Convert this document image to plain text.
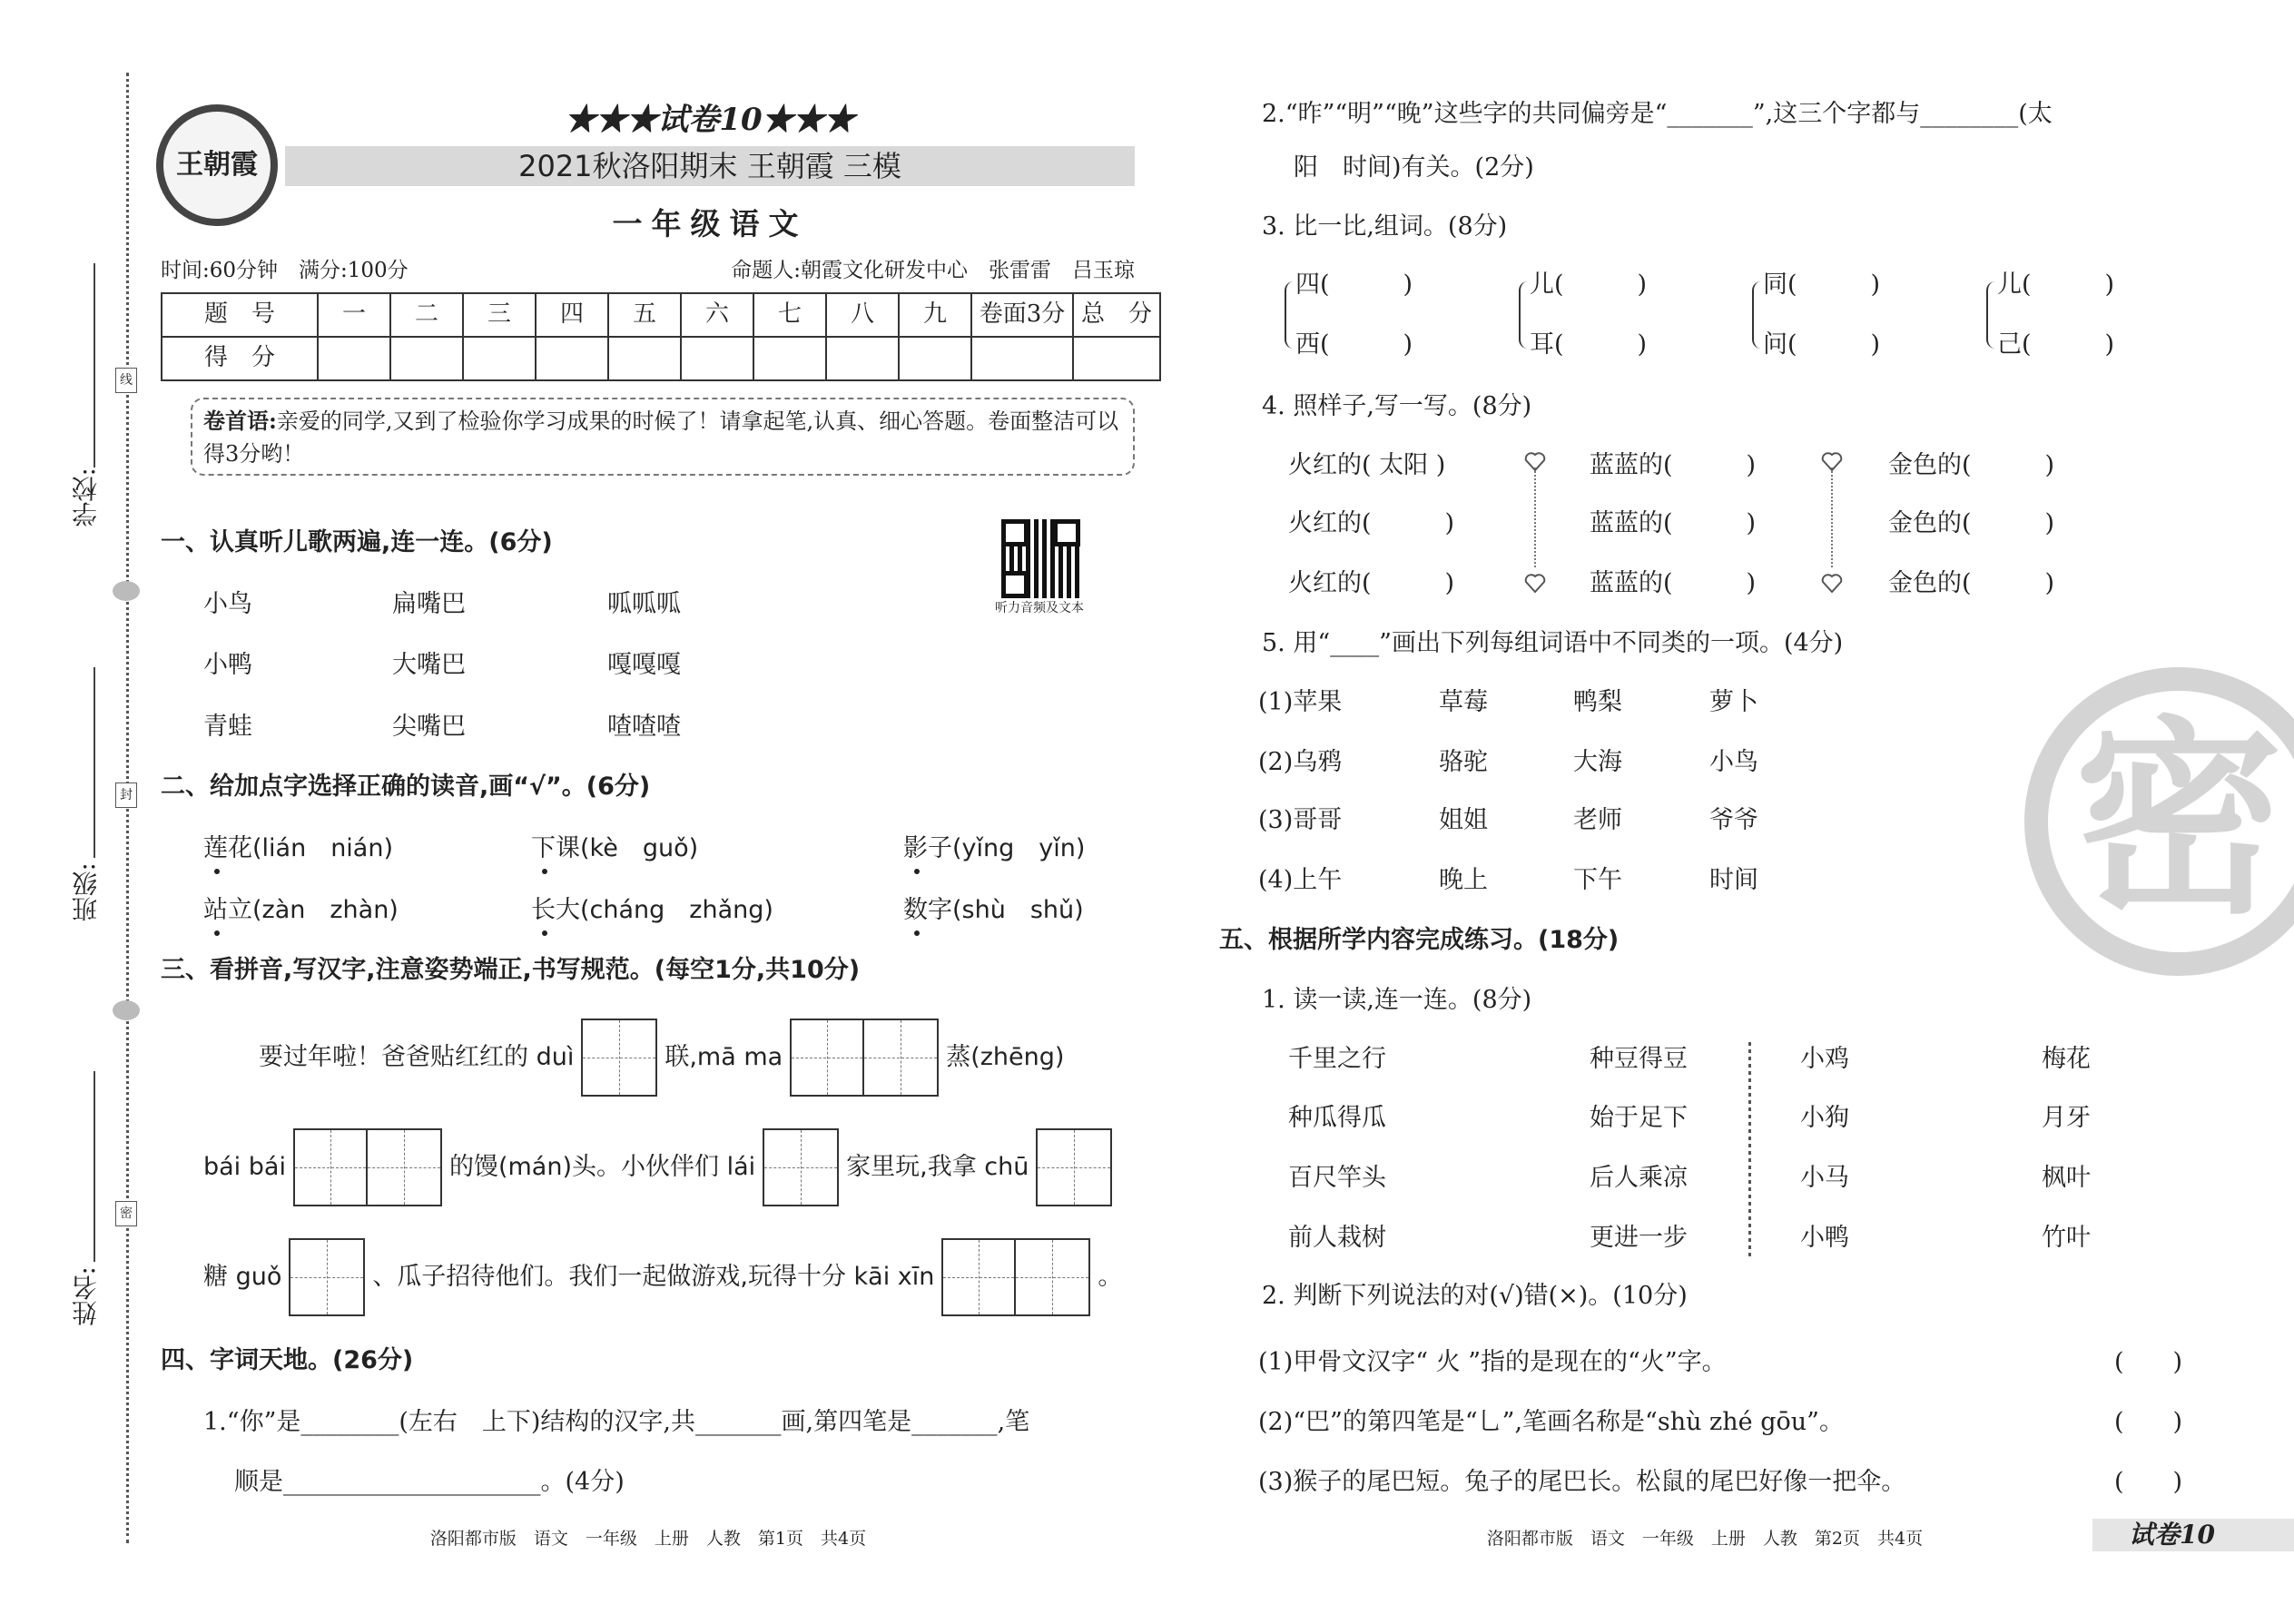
学校:
班级:
姓名:
线
封
密
王朝霞
★★★试卷10★★★
2021秋洛阳期末 王朝霞 三模
一年级语文
时间:60分钟　满分:100分	命题人:朝霞文化研发中心　张雷雷　吕玉琼
题　号	一	二	三	四	五	六	七	八	九	卷面3分	总　分
得　分											
卷首语:亲爱的同学,又到了检验你学习成果的时候了！请拿起笔,认真、细心答题。卷面整洁可以得3分哟！
一、认真听儿歌两遍,连一连。(6分)
听力音频及文本
小鸟	扁嘴巴	呱呱呱
小鸭	大嘴巴	嘎嘎嘎
青蛙	尖嘴巴	喳喳喳
二、给加点字选择正确的读音,画“√”。(6分)
莲花(lián　nián)	下课(kè　guǒ)	影子(yǐng　yǐn)
站立(zàn　zhàn)	长大(cháng　zhǎng)	数字(shù　shǔ)
三、看拼音,写汉字,注意姿势端正,书写规范。(每空1分,共10分)
要过年啦！爸爸贴红红的 duì	联,mā ma	蒸(zhēng)
bái bái	的馒(mán)头。小伙伴们 lái	家里玩,我拿 chū
糖 guǒ	、瓜子招待他们。我们一起做游戏,玩得十分 kāi xīn	。
四、字词天地。(26分)
1.“你”是________(左右　上下)结构的汉字,共_______画,第四笔是_______,笔
顺是_____________________。(4分)
洛阳都市版　语文　一年级　上册　人教　第1页　共4页
2.“昨”“明”“晚”这些字的共同偏旁是“_______”,这三个字都与________(太
阳　时间)有关。(2分)
3. 比一比,组词。(8分)
四(　　　)
西(　　　)
儿(　　　)
耳(　　　)
同(　　　)
问(　　　)
儿(　　　)
己(　　　)
4. 照样子,写一写。(8分)
火红的( 太阳 )	蓝蓝的(　　　)	金色的(　　　)
火红的(　　　)	蓝蓝的(　　　)	金色的(　　　)
火红的(　　　)	蓝蓝的(　　　)	金色的(　　　)
5. 用“____”画出下列每组词语中不同类的一项。(4分)
(1)苹果	草莓	鸭梨	萝卜
(2)乌鸦	骆驼	大海	小鸟
(3)哥哥	姐姐	老师	爷爷
(4)上午	晚上	下午	时间 密
五、根据所学内容完成练习。(18分)
1. 读一读,连一连。(8分)
千里之行	种豆得豆	小鸡	梅花
种瓜得瓜	始于足下	小狗	月牙
百尺竿头	后人乘凉	小马	枫叶
前人栽树	更进一步	小鸭	竹叶
2. 判断下列说法的对(√)错(×)。(10分)
(1)甲骨文汉字“ 火 ”指的是现在的“火”字。	(　　)
(2)“巴”的第四笔是“乚”,笔画名称是“shù zhé gōu”。	(　　)
(3)猴子的尾巴短。兔子的尾巴长。松鼠的尾巴好像一把伞。	(　　)
洛阳都市版　语文　一年级　上册　人教　第2页　共4页	试卷10
